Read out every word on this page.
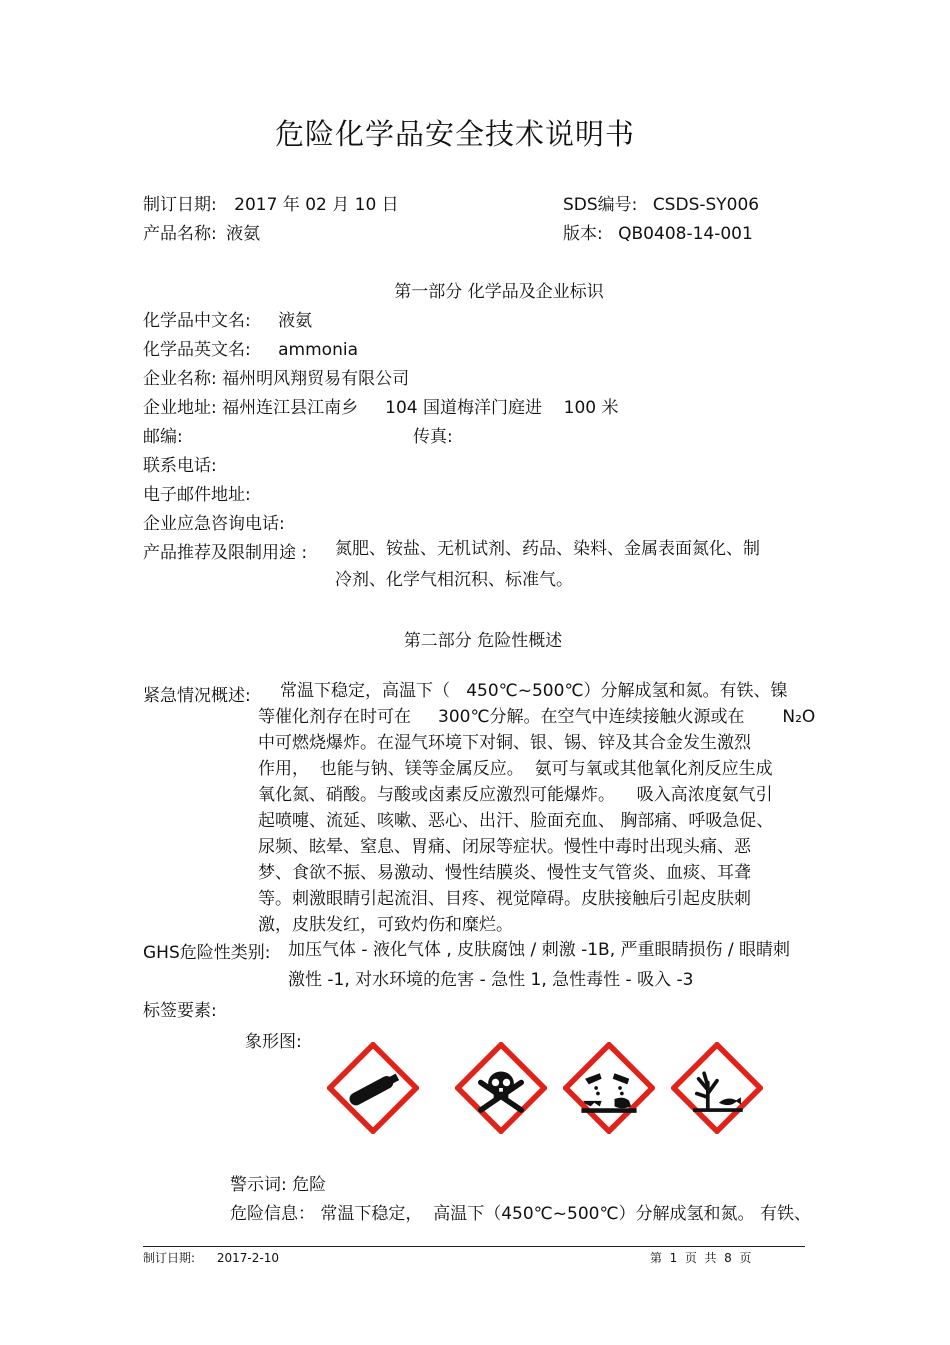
危险化学品安全技术说明书
制订日期: 2017 年 02 月 10 日	SDS编号: CSDS-SY006
产品名称: 液氨	版本: QB0408-14-001
第一部分 化学品及企业标识
化学品中文名: 液氨
化学品英文名: ammonia
企业名称: 福州明风翔贸易有限公司
企业地址: 福州连江县江南乡     104 国道梅洋门庭进    100 米
邮编:	传真:
联系电话:
电子邮件地址:
企业应急咨询电话:
产品推荐及限制用途 : 氮肥、铵盐、无机试剂、药品、染料、金属表面氮化、制
冷剂、化学气相沉积、标准气。
第二部分 危险性概述
紧急情况概述:	常温下稳定，高温下（   450℃~500℃）分解成氢和氮。有铁、镍
等催化剂存在时可在     300℃分解。在空气中连续接触火源或在       N₂O
中可燃烧爆炸。在湿气环境下对铜、银、锡、锌及其合金发生激烈
作用，  也能与钠、镁等金属反应。  氨可与氧或其他氧化剂反应生成
氧化氮、硝酸。与酸或卤素反应激烈可能爆炸。    吸入高浓度氨气引
起喷嚏、流延、咳嗽、恶心、出汗、脸面充血、 胸部痛、呼吸急促、
尿频、眩晕、窒息、胃痛、闭尿等症状。慢性中毒时出现头痛、恶
梦、食欲不振、易激动、慢性结膜炎、慢性支气管炎、血痰、耳聋
等。刺激眼睛引起流泪、目疼、视觉障碍。皮肤接触后引起皮肤刺
激，皮肤发红，可致灼伤和糜烂。
GHS危险性类别: 加压气体 - 液化气体 , 皮肤腐蚀 / 刺激 -1B, 严重眼睛损伤 / 眼睛刺
激性 -1, 对水环境的危害 - 急性 1, 急性毒性 - 吸入 -3
标签要素:
象形图:
警示词: 危险
危险信息： 常温下稳定，  高温下（450℃~500℃）分解成氢和氮。 有铁、
制订日期: 2017-2-10	第  1  页  共  8  页
